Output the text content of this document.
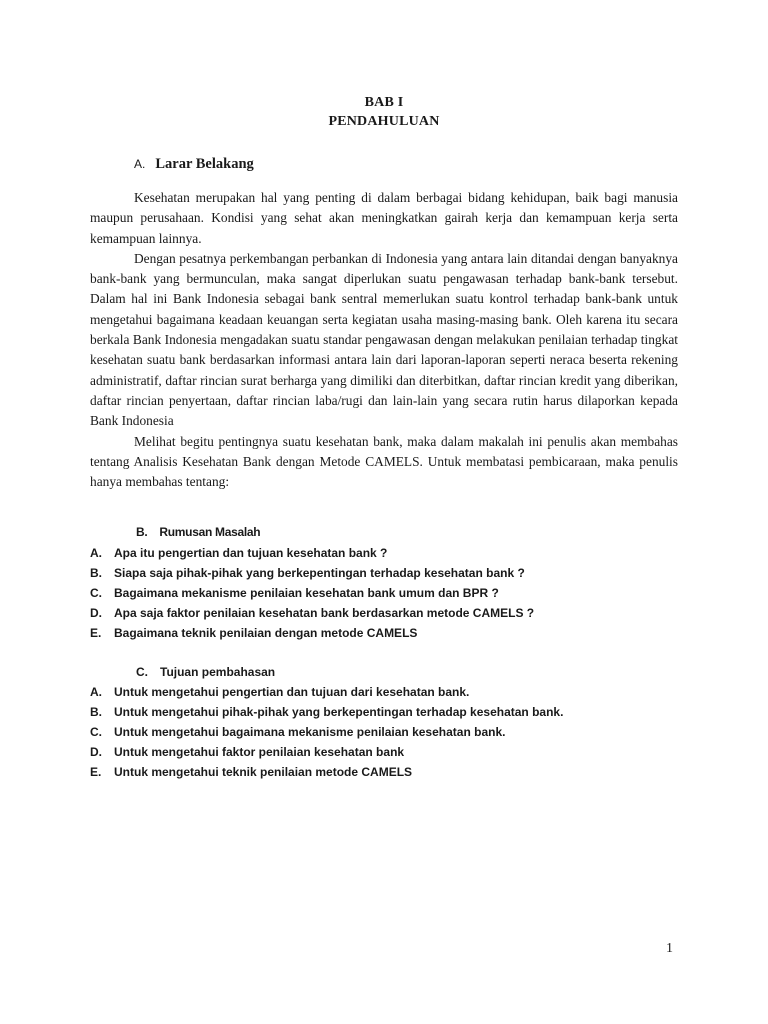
BAB I
PENDAHULUAN
A. Larar Belakang

Kesehatan merupakan hal yang penting di dalam berbagai bidang kehidupan, baik bagi manusia maupun perusahaan. Kondisi yang sehat akan meningkatkan gairah kerja dan kemampuan kerja serta kemampuan lainnya.

Dengan pesatnya perkembangan perbankan di Indonesia yang antara lain ditandai dengan banyaknya bank-bank yang bermunculan, maka sangat diperlukan suatu pengawasan terhadap bank-bank tersebut. Dalam hal ini Bank Indonesia sebagai bank sentral memerlukan suatu kontrol terhadap bank-bank untuk mengetahui bagaimana keadaan keuangan serta kegiatan usaha masing-masing bank. Oleh karena itu secara berkala Bank Indonesia mengadakan suatu standar pengawasan dengan melakukan penilaian terhadap tingkat kesehatan suatu bank berdasarkan informasi antara lain dari laporan-laporan seperti neraca beserta rekening administratif, daftar rincian surat berharga yang dimiliki dan diterbitkan, daftar rincian kredit yang diberikan, daftar rincian penyertaan, daftar rincian laba/rugi dan lain-lain yang secara rutin harus dilaporkan kepada Bank Indonesia

Melihat begitu pentingnya suatu kesehatan bank, maka dalam makalah ini penulis akan membahas tentang Analisis Kesehatan Bank dengan Metode CAMELS. Untuk membatasi pembicaraan, maka penulis hanya membahas tentang:

B. Rumusan Masalah
A. Apa itu pengertian dan tujuan kesehatan bank ?
B. Siapa saja pihak-pihak yang berkepentingan terhadap kesehatan bank ?
C. Bagaimana mekanisme penilaian kesehatan bank umum dan BPR ?
D. Apa saja faktor penilaian kesehatan bank berdasarkan metode CAMELS ?
E. Bagaimana teknik penilaian dengan metode CAMELS
C. Tujuan pembahasan
A. Untuk mengetahui pengertian dan tujuan dari kesehatan bank.
B. Untuk mengetahui pihak-pihak yang berkepentingan terhadap kesehatan bank.
C. Untuk mengetahui bagaimana mekanisme penilaian kesehatan bank.
D. Untuk mengetahui faktor penilaian kesehatan bank
E. Untuk mengetahui teknik penilaian metode CAMELS
1
